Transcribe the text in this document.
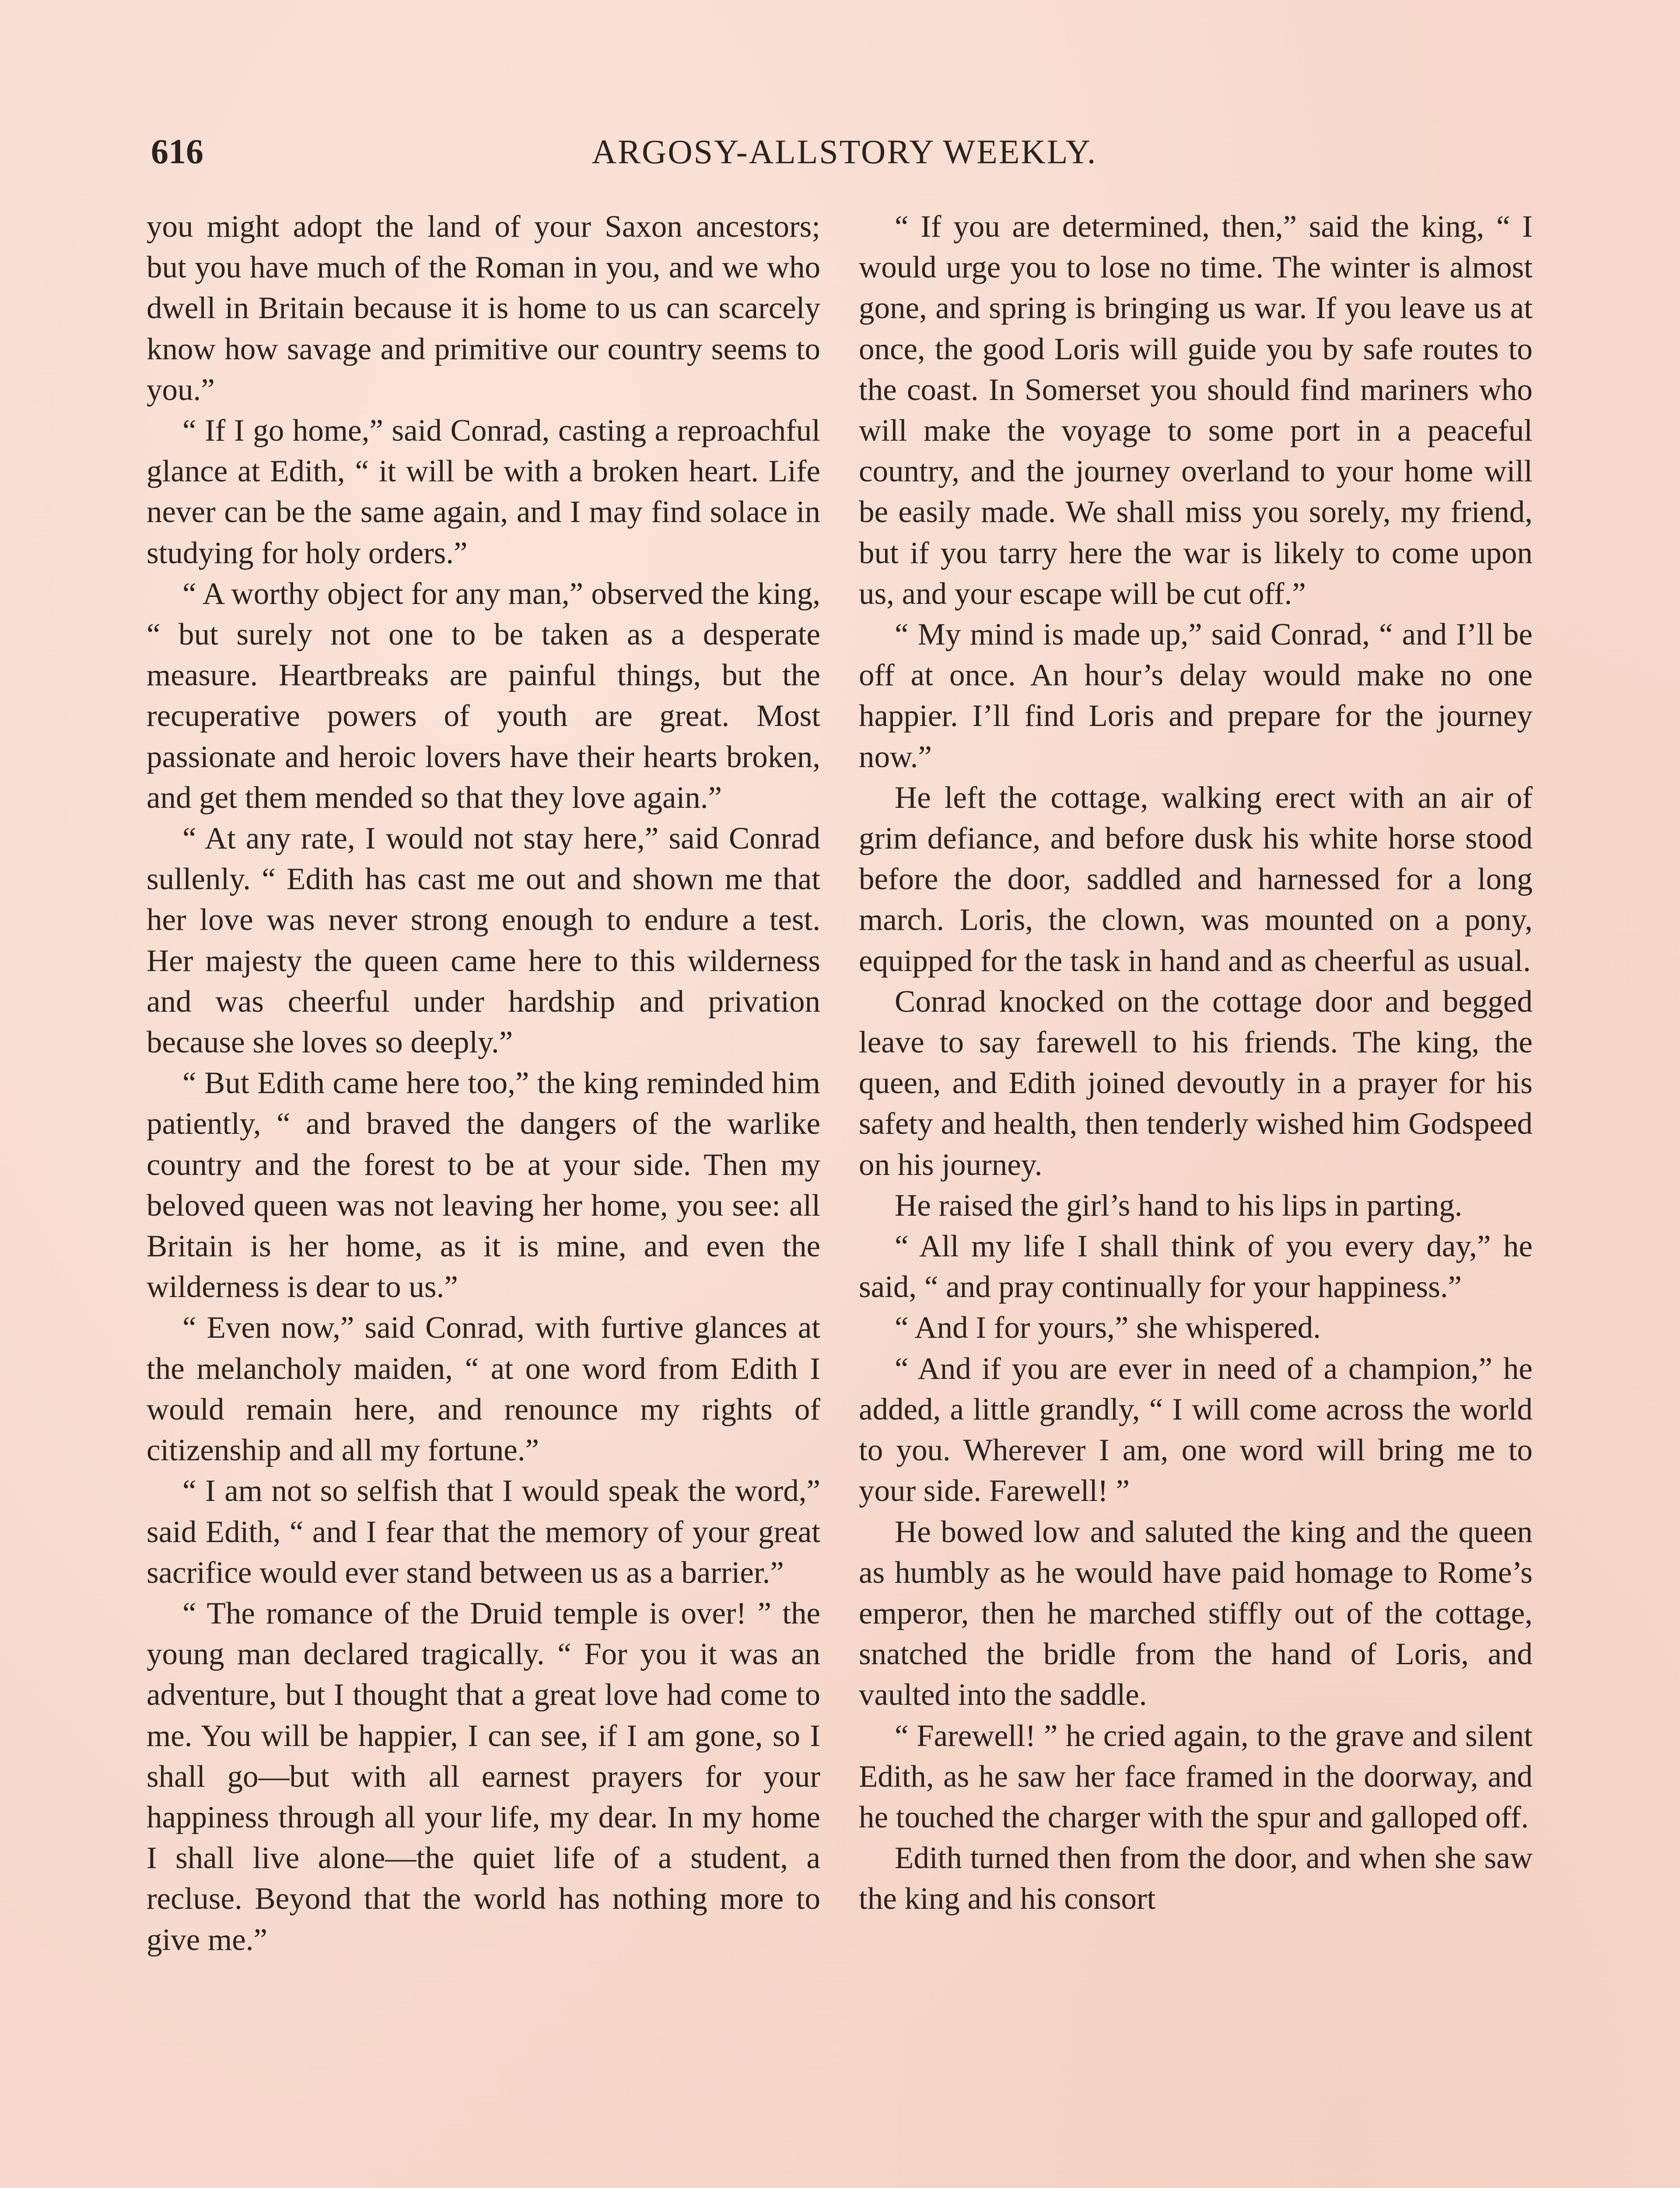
616	ARGOSY-ALLSTORY WEEKLY.

you might adopt the land of your Saxon ancestors; but you have much of the Roman in you, and we who dwell in Britain because it is home to us can scarcely know how savage and primitive our country seems to you.”

“ If I go home,” said Conrad, casting a reproachful glance at Edith, “ it will be with a broken heart. Life never can be the same again, and I may find solace in studying for holy orders.”

“ A worthy object for any man,” observed the king, “ but surely not one to be taken as a desperate measure. Heartbreaks are painful things, but the recuperative powers of youth are great. Most passionate and heroic lovers have their hearts broken, and get them mended so that they love again.”

“ At any rate, I would not stay here,” said Conrad sullenly. “ Edith has cast me out and shown me that her love was never strong enough to endure a test. Her majesty the queen came here to this wilderness and was cheerful under hardship and privation because she loves so deeply.”

“ But Edith came here too,” the king reminded him patiently, “ and braved the dangers of the warlike country and the forest to be at your side. Then my beloved queen was not leaving her home, you see: all Britain is her home, as it is mine, and even the wilderness is dear to us.”

“ Even now,” said Conrad, with furtive glances at the melancholy maiden, “ at one word from Edith I would remain here, and renounce my rights of citizenship and all my fortune.”

“ I am not so selfish that I would speak the word,” said Edith, “ and I fear that the memory of your great sacrifice would ever stand between us as a barrier.”

“ The romance of the Druid temple is over! ” the young man declared tragically. “ For you it was an adventure, but I thought that a great love had come to me. You will be happier, I can see, if I am gone, so I shall go—but with all earnest prayers for your happiness through all your life, my dear. In my home I shall live alone—the quiet life of a student, a recluse. Beyond that the world has nothing more to give me.”

“ If you are determined, then,” said the king, “ I would urge you to lose no time. The winter is almost gone, and spring is bringing us war. If you leave us at once, the good Loris will guide you by safe routes to the coast. In Somerset you should find mariners who will make the voyage to some port in a peaceful country, and the journey overland to your home will be easily made. We shall miss you sorely, my friend, but if you tarry here the war is likely to come upon us, and your escape will be cut off.”

“ My mind is made up,” said Conrad, “ and I’ll be off at once. An hour’s delay would make no one happier. I’ll find Loris and prepare for the journey now.”

He left the cottage, walking erect with an air of grim defiance, and before dusk his white horse stood before the door, saddled and harnessed for a long march. Loris, the clown, was mounted on a pony, equipped for the task in hand and as cheerful as usual.

Conrad knocked on the cottage door and begged leave to say farewell to his friends. The king, the queen, and Edith joined devoutly in a prayer for his safety and health, then tenderly wished him Godspeed on his journey.

He raised the girl’s hand to his lips in parting.

“ All my life I shall think of you every day,” he said, “ and pray continually for your happiness.”

“ And I for yours,” she whispered.

“ And if you are ever in need of a champion,” he added, a little grandly, “ I will come across the world to you. Wherever I am, one word will bring me to your side. Farewell! ”

He bowed low and saluted the king and the queen as humbly as he would have paid homage to Rome’s emperor, then he marched stiffly out of the cottage, snatched the bridle from the hand of Loris, and vaulted into the saddle.

“ Farewell! ” he cried again, to the grave and silent Edith, as he saw her face framed in the doorway, and he touched the charger with the spur and galloped off.

Edith turned then from the door, and when she saw the king and his consort
